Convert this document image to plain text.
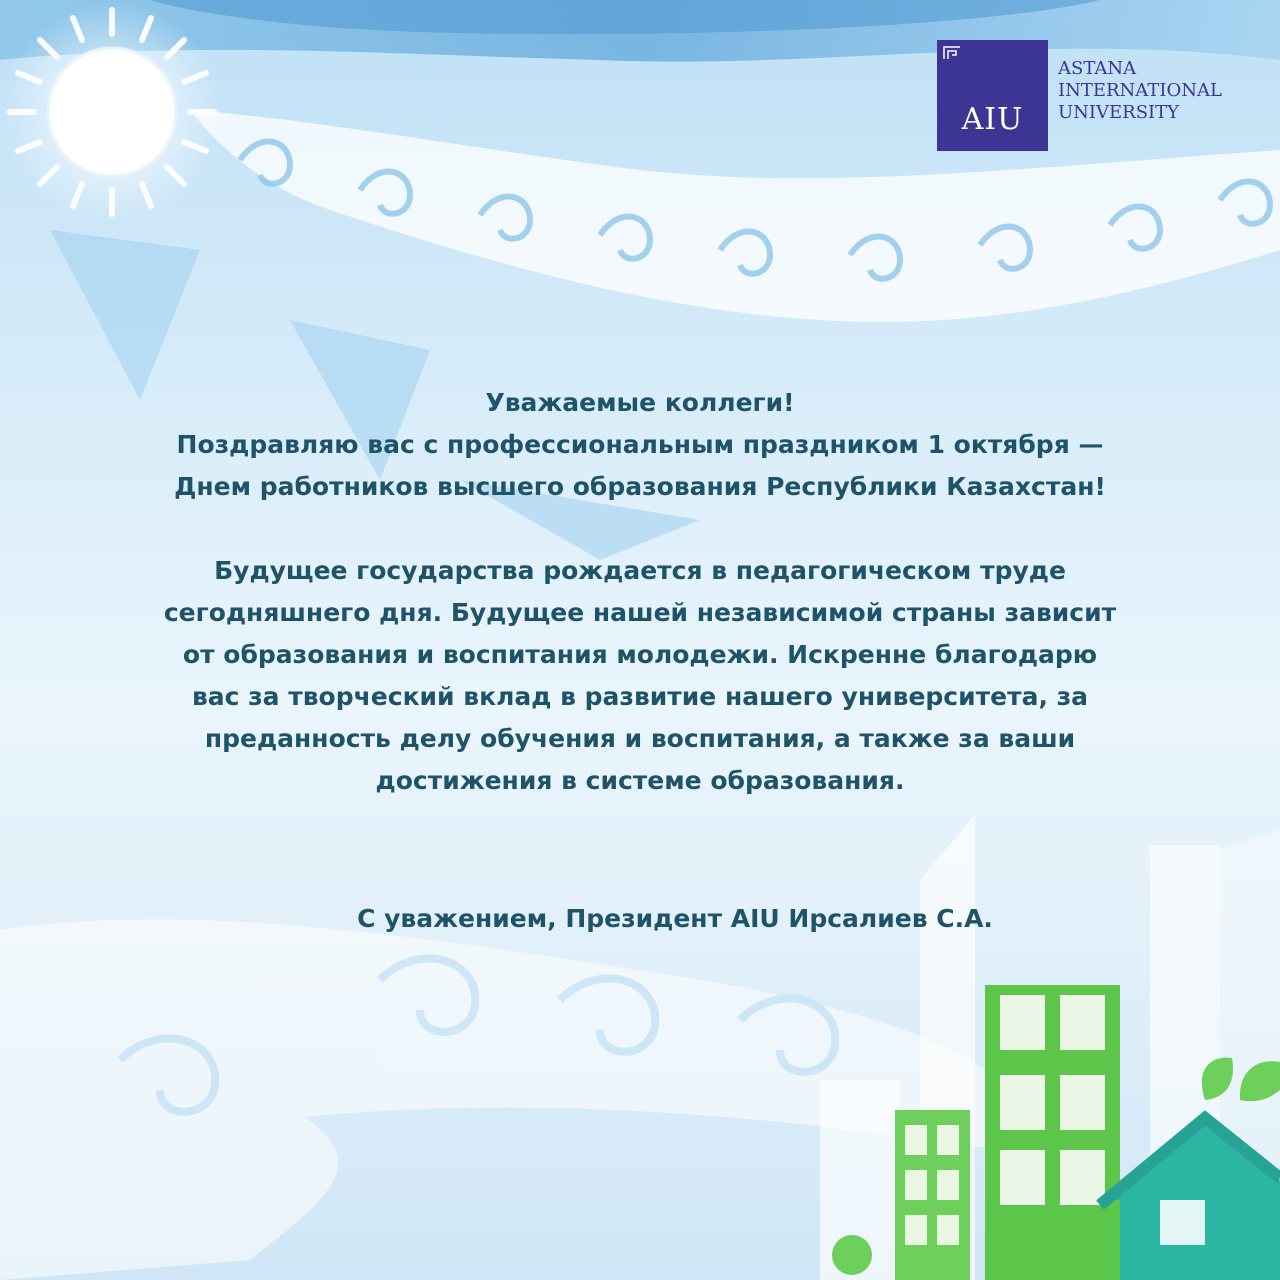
AIU
ASTANA
INTERNATIONAL
UNIVERSITY

Уважаемые коллеги!

Поздравляю вас с профессиональным праздником 1 октября —

Днем работников высшего образования Республики Казахстан!

Будущее государства рождается в педагогическом труде

сегодняшнего дня. Будущее нашей независимой страны зависит

от образования и воспитания молодежи. Искренне благодарю

вас за творческий вклад в развитие нашего университета, за

преданность делу обучения и воспитания, а также за ваши

достижения в системе образования.

С уважением, Президент AIU Ирсалиев С.А.
